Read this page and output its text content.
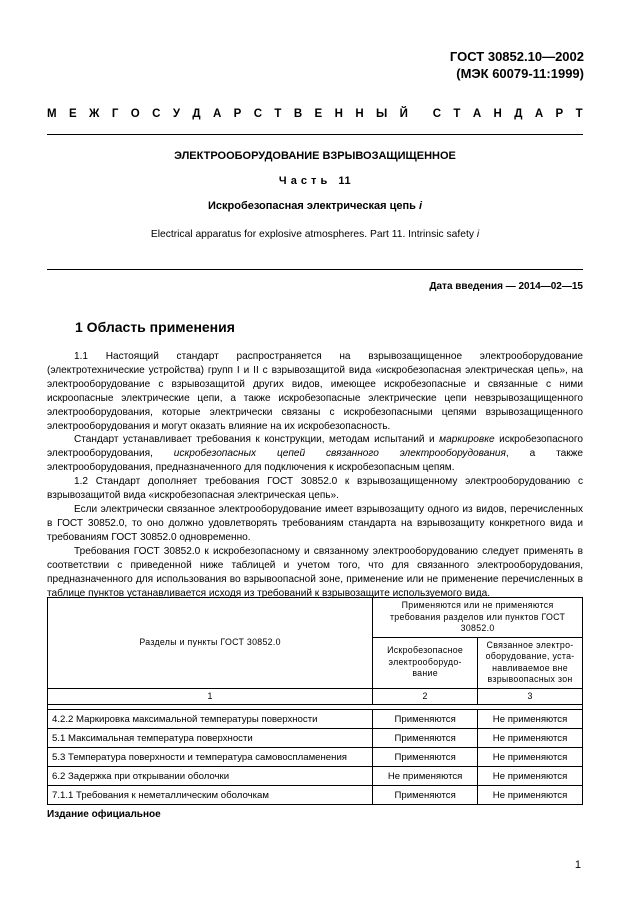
ГОСТ 30852.10—2002
(МЭК 60079-11:1999)
М Е Ж Г О С У Д А Р С Т В Е Н Н Ы Й С Т А Н Д А Р Т
ЭЛЕКТРООБОРУДОВАНИЕ ВЗРЫВОЗАЩИЩЕННОЕ
Ч а с т ь   11
Искробезопасная электрическая цепь i
Electrical apparatus for explosive atmospheres. Part 11. Intrinsic safety i
Дата введения — 2014—02—15
1 Область применения
1.1 Настоящий стандарт распространяется на взрывозащищенное электрооборудование (электротехнические устройства) групп I и II с взрывозащитой вида «искробезопасная электрическая цепь», на электрооборудование с взрывозащитой других видов, имеющее искробезопасные и связанные с ними искроопасные электрические цепи, а также искробезопасные электрические цепи невзрывозащищенного электрооборудования, которые электрически связаны с искробезопасными цепями взрывозащищенного электрооборудования и могут оказать влияние на их искробезопасность.
Стандарт устанавливает требования к конструкции, методам испытаний и маркировке искробезопасного электрооборудования, искробезопасных цепей связанного электрооборудования, а также электрооборудования, предназначенного для подключения к искробезопасным цепям.
1.2 Стандарт дополняет требования ГОСТ 30852.0 к взрывозащищенному электрооборудованию с взрывозащитой вида «искробезопасная электрическая цепь».
Если электрически связанное электрооборудование имеет взрывозащиту одного из видов, перечисленных в ГОСТ 30852.0, то оно должно удовлетворять требованиям стандарта на взрывозащиту конкретного вида и требованиям ГОСТ 30852.0 одновременно.
Требования ГОСТ 30852.0 к искробезопасному и связанному электрооборудованию следует применять в соответствии с приведенной ниже таблицей и учетом того, что для связанного электрооборудования, предназначенного для использования во взрывоопасной зоне, применение или не применение перечисленных в таблице пунктов устанавливается исходя из требований к взрывозащите используемого вида.
Разделы и пункты ГОСТ 30852.0	Применяются или не применяются требования разделов или пунктов ГОСТ 30852.0	
	Искробезопасное электрооборудо-вание	Связанное электро-оборудование, уста-навливаемое вне взрывоопасных зон
1	2	3

4.2.2 Маркировка максимальной температуры поверхности	Применяются	Не применяются
5.1 Максимальная температура поверхности	Применяются	Не применяются
5.3 Температура поверхности и температура самовоспламенения	Применяются	Не применяются
6.2 Задержка при открывании оболочки	Не применяются	Не применяются
7.1.1 Требования к неметаллическим оболочкам	Применяются	Не применяются
Издание официальное
1
